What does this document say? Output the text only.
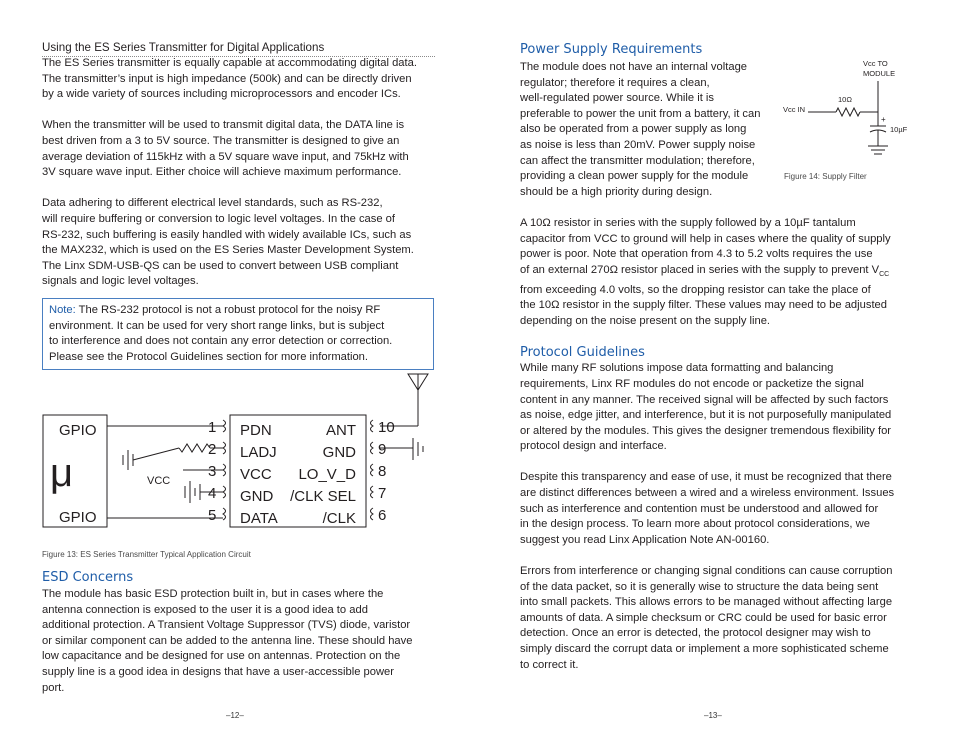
Using the ES Series Transmitter for Digital Applications

The ES Series transmitter is equally capable at accommodating digital data.

The transmitter’s input is high impedance (500k) and can be directly driven

by a wide variety of sources including microprocessors and encoder ICs.

When the transmitter will be used to transmit digital data, the DATA line is

best driven from a 3 to 5V source. The transmitter is designed to give an

average deviation of 115kHz with a 5V square wave input, and 75kHz with

3V square wave input. Either choice will achieve maximum performance.

Data adhering to different electrical level standards, such as RS-232,

will require buffering or conversion to logic level voltages. In the case of

RS-232, such buffering is easily handled with widely available ICs, such as

the MAX232, which is used on the ES Series Master Development System.

The Linx SDM-USB-QS can be used to convert between USB compliant

signals and logic level voltages.

Note: The RS-232 protocol is not a robust protocol for the noisy RF

environment. It can be used for very short range links, but is subject

to interference and does not contain any error detection or correction.

Please see the Protocol Guidelines section for more information.

GPIO
μ
GPIO
VCC
1
2
3
4
5
PDN
LADJ
VCC
GND
DATA
ANT
GND
LO_V_D
/CLK SEL
/CLK
10
9
8
7
6
Figure 13: ES Series Transmitter Typical Application Circuit

ESD Concerns

The module has basic ESD protection built in, but in cases where the

antenna connection is exposed to the user it is a good idea to add

additional protection. A Transient Voltage Suppressor (TVS) diode, varistor

or similar component can be added to the antenna line. These should have

low capacitance and be designed for use on antennas. Protection on the

supply line is a good idea in designs that have a user-accessible power

port.

–12–

Power Supply Requirements

The module does not have an internal voltage

regulator; therefore it requires a clean,

well-regulated power source. While it is

preferable to power the unit from a battery, it can

also be operated from a power supply as long

as noise is less than 20mV. Power supply noise

can affect the transmitter modulation; therefore,

providing a clean power supply for the module

should be a high priority during design.

A 10Ω resistor in series with the supply followed by a 10µF tantalum

capacitor from VCC to ground will help in cases where the quality of supply

power is poor. Note that operation from 4.3 to 5.2 volts requires the use

of an external 270Ω resistor placed in series with the supply to prevent $V_{CC}$

from exceeding 4.0 volts, so the dropping resistor can take the place of

the 10Ω resistor in the supply filter. These values may need to be adjusted

depending on the noise present on the supply line.

Protocol Guidelines

While many RF solutions impose data formatting and balancing

requirements, Linx RF modules do not encode or packetize the signal

content in any manner. The received signal will be affected by such factors

as noise, edge jitter, and interference, but it is not purposefully manipulated

or altered by the modules. This gives the designer tremendous flexibility for

protocol design and interface.

Despite this transparency and ease of use, it must be recognized that there

are distinct differences between a wired and a wireless environment. Issues

such as interference and contention must be understood and allowed for

in the design process. To learn more about protocol considerations, we

suggest you read Linx Application Note AN-00160.

Errors from interference or changing signal conditions can cause corruption

of the data packet, so it is generally wise to structure the data being sent

into small packets. This allows errors to be managed without affecting large

amounts of data. A simple checksum or CRC could be used for basic error

detection. Once an error is detected, the protocol designer may wish to

simply discard the corrupt data or implement a more sophisticated scheme

to correct it.

Vcc TO
MODULE
10Ω
Vcc IN
+
10µF
Figure 14: Supply Filter
–13–
